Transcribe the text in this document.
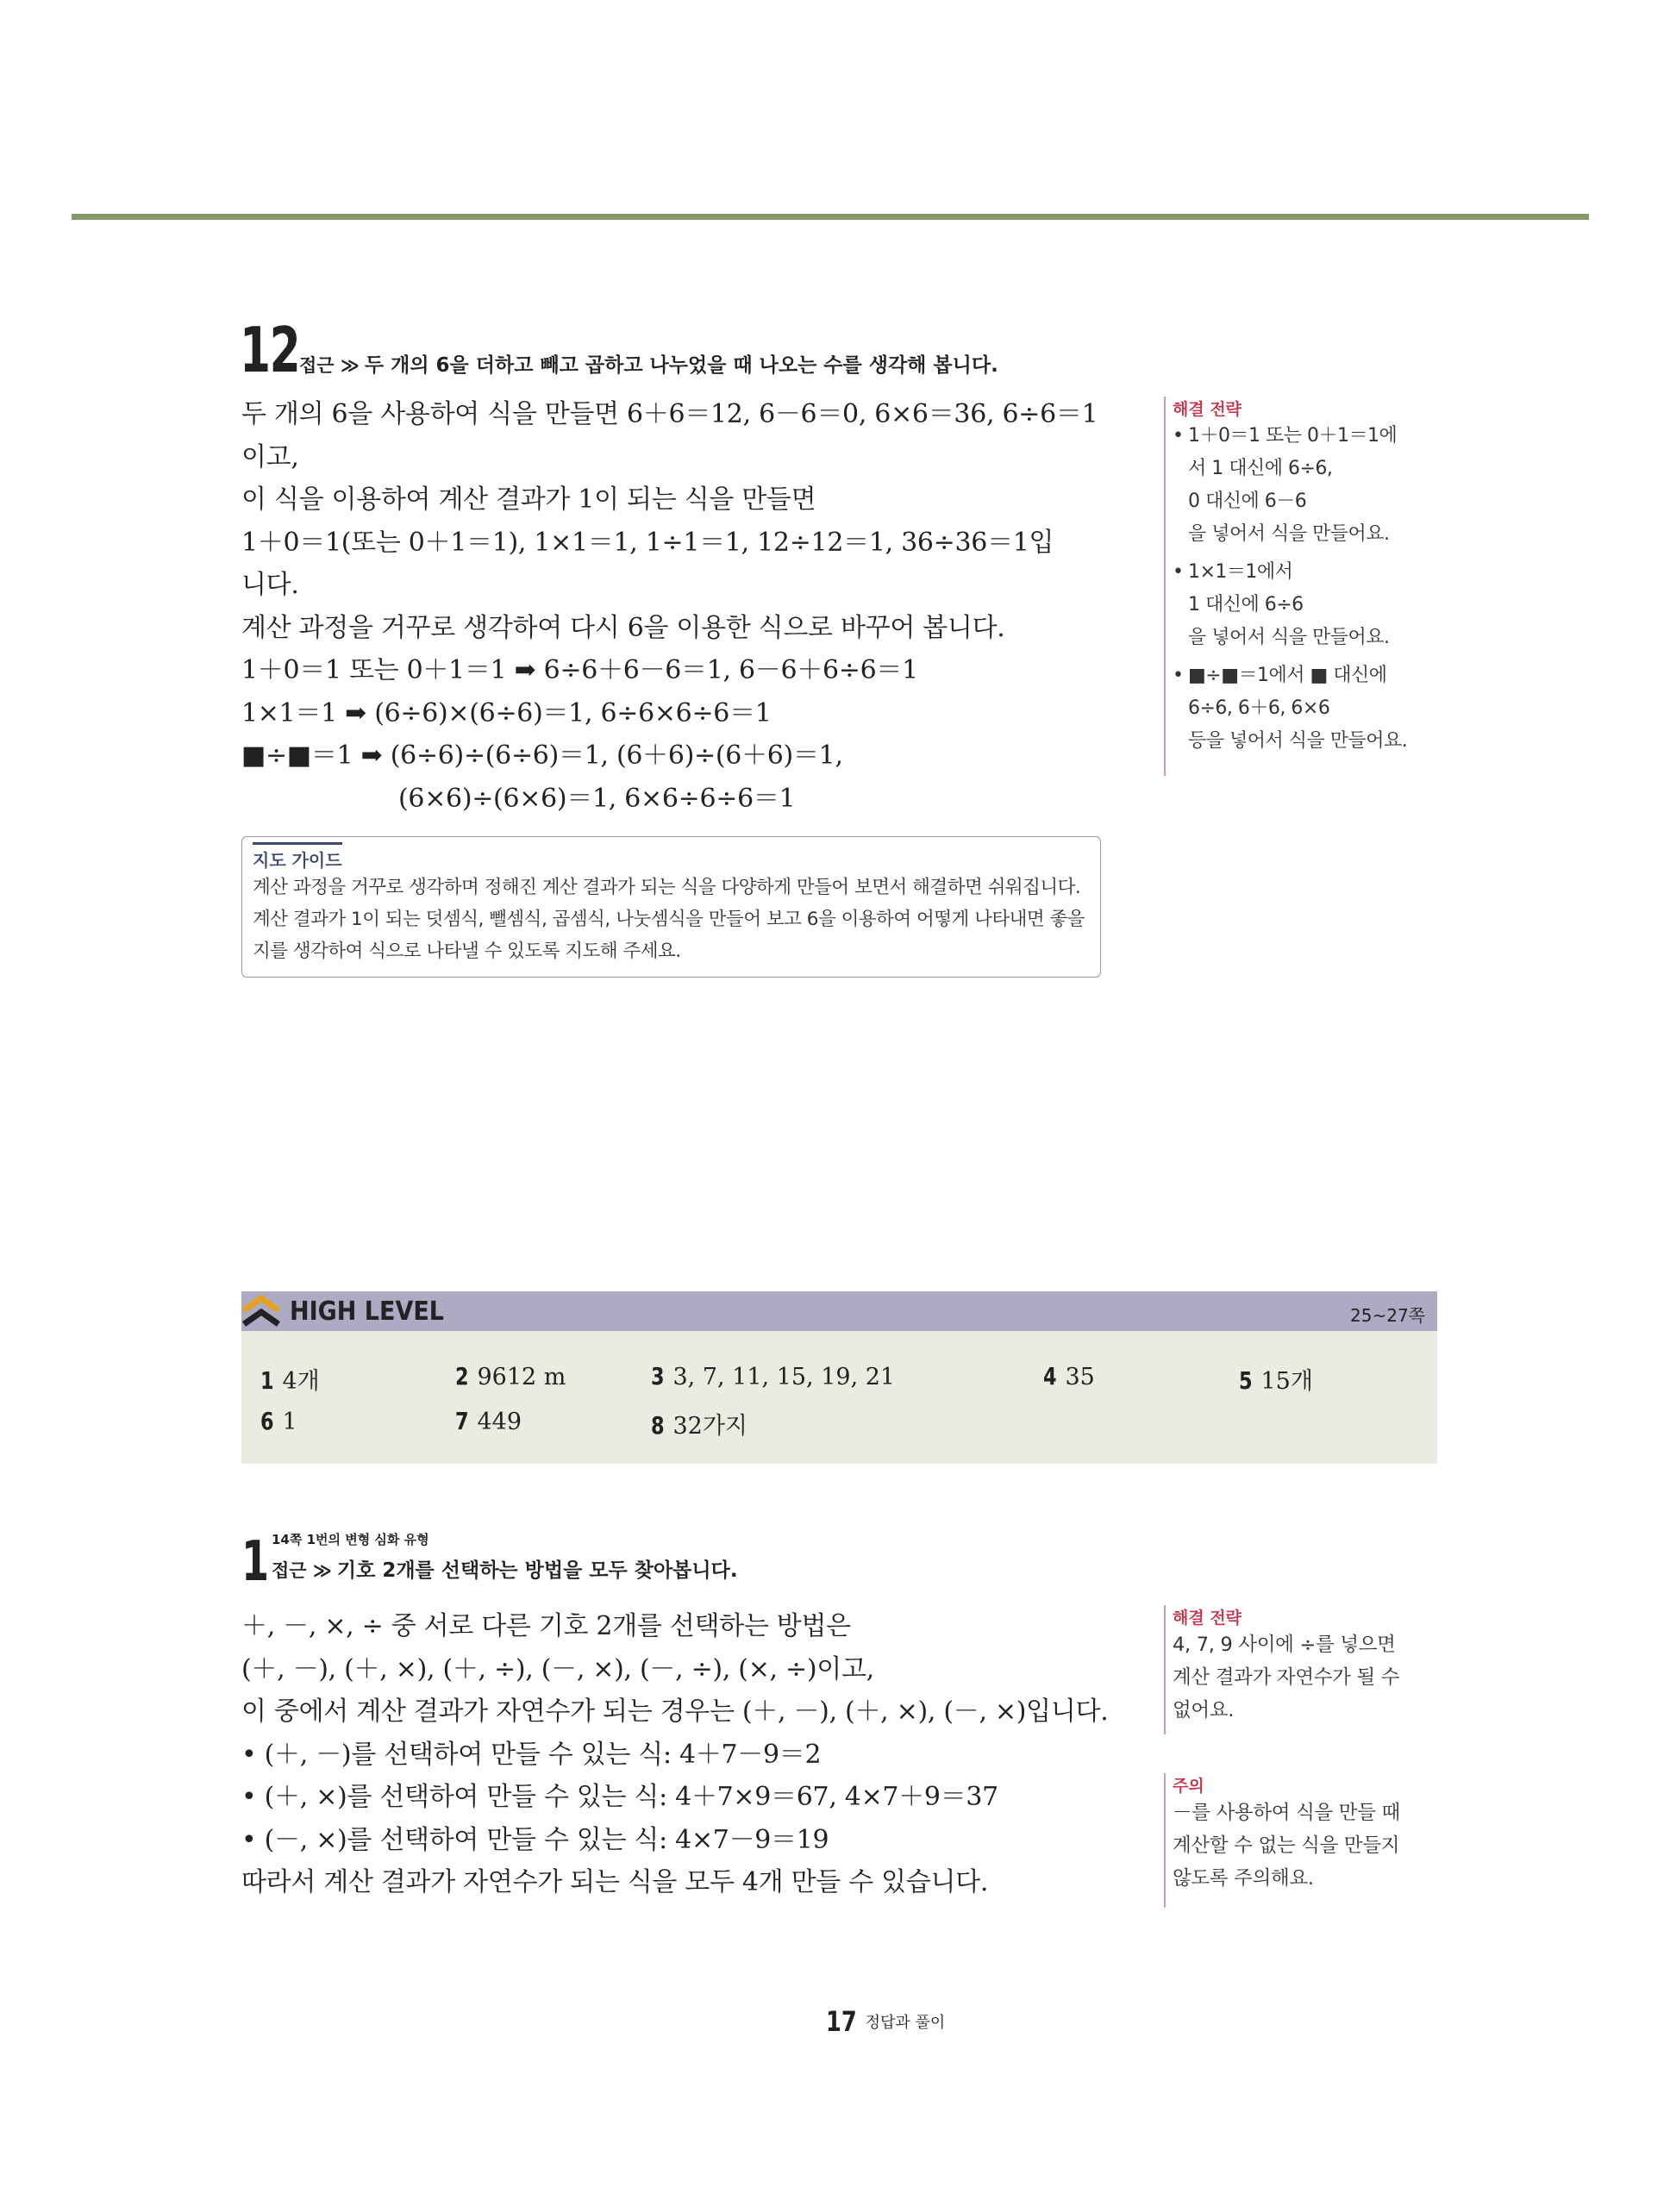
12 접근 ≫ 두 개의 6을 더하고 빼고 곱하고 나누었을 때 나오는 수를 생각해 봅니다.
두 개의 6을 사용하여 식을 만들면 6＋6＝12, 6－6＝0, 6×6＝36, 6÷6＝1
이고,
이 식을 이용하여 계산 결과가 1이 되는 식을 만들면
1＋0＝1(또는 0＋1＝1), 1×1＝1, 1÷1＝1, 12÷12＝1, 36÷36＝1입
니다.
계산 과정을 거꾸로 생각하여 다시 6을 이용한 식으로 바꾸어 봅니다.
1＋0＝1 또는 0＋1＝1 ➡ 6÷6＋6－6＝1, 6－6＋6÷6＝1
1×1＝1 ➡ (6÷6)×(6÷6)＝1, 6÷6×6÷6＝1
■÷■＝1 ➡ (6÷6)÷(6÷6)＝1, (6＋6)÷(6＋6)＝1,
(6×6)÷(6×6)＝1, 6×6÷6÷6＝1
지도 가이드
계산 과정을 거꾸로 생각하며 정해진 계산 결과가 되는 식을 다양하게 만들어 보면서 해결하면 쉬워집니다. 계산 결과가 1이 되는 덧셈식, 뺄셈식, 곱셈식, 나눗셈식을 만들어 보고 6을 이용하여 어떻게 나타내면 좋을지를 생각하여 식으로 나타낼 수 있도록 지도해 주세요.
해결 전략
• 1＋0＝1 또는 0＋1＝1에
서 1 대신에 6÷6,
0 대신에 6－6
을 넣어서 식을 만들어요.
• 1×1＝1에서
1 대신에 6÷6
을 넣어서 식을 만들어요.
• ■÷■＝1에서 ■ 대신에
6÷6, 6＋6, 6×6
등을 넣어서 식을 만들어요.
HIGH LEVEL	25~27쪽
1 4개	2 9612 m	3 3, 7, 11, 15, 19, 21	4 35	5 15개
6 1	7 449	8 32가지
1 14쪽 1번의 변형 심화 유형
접근 ≫ 기호 2개를 선택하는 방법을 모두 찾아봅니다.
＋, －, ×, ÷ 중 서로 다른 기호 2개를 선택하는 방법은
(＋, －), (＋, ×), (＋, ÷), (－, ×), (－, ÷), (×, ÷)이고,
이 중에서 계산 결과가 자연수가 되는 경우는 (＋, －), (＋, ×), (－, ×)입니다.
• (＋, －)를 선택하여 만들 수 있는 식: 4＋7－9＝2
• (＋, ×)를 선택하여 만들 수 있는 식: 4＋7×9＝67, 4×7＋9＝37
• (－, ×)를 선택하여 만들 수 있는 식: 4×7－9＝19
따라서 계산 결과가 자연수가 되는 식을 모두 4개 만들 수 있습니다.
해결 전략
4, 7, 9 사이에 ÷를 넣으면
계산 결과가 자연수가 될 수
없어요.
주의
－를 사용하여 식을 만들 때
계산할 수 없는 식을 만들지
않도록 주의해요.
17 정답과 풀이
